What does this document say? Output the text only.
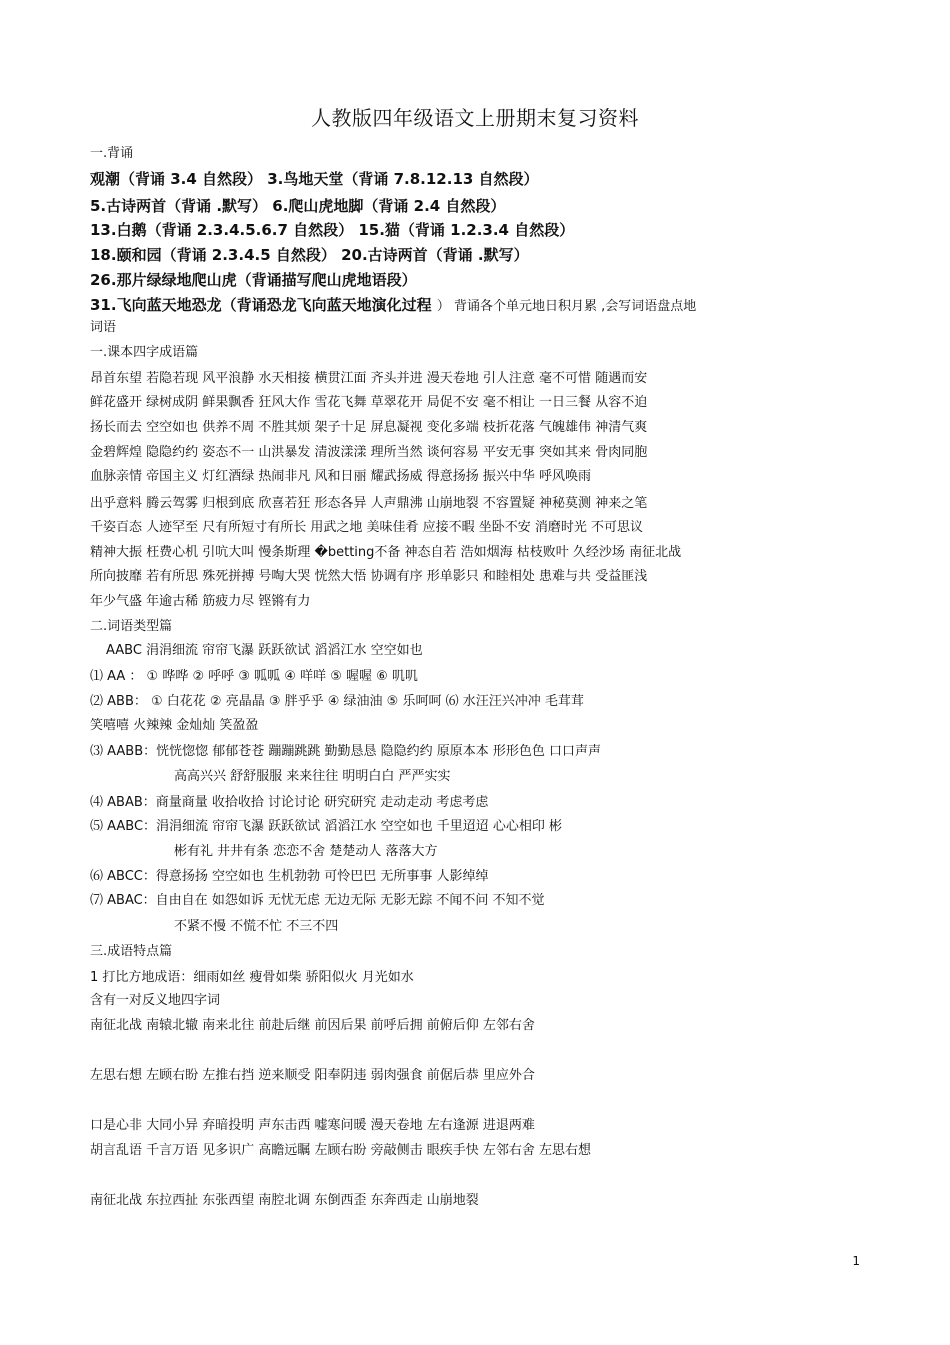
人教版四年级语文上册期末复习资料
一.背诵
观潮（背诵 3.4 自然段） 3.鸟地天堂（背诵 7.8.12.13 自然段）
5.古诗两首（背诵 .默写） 6.爬山虎地脚（背诵 2.4 自然段）
13.白鹅（背诵 2.3.4.5.6.7 自然段） 15.猫（背诵 1.2.3.4 自然段）
18.颐和园（背诵 2.3.4.5 自然段） 20.古诗两首（背诵 .默写）
26.那片绿绿地爬山虎（背诵描写爬山虎地语段）
31.飞向蓝天地恐龙（背诵恐龙飞向蓝天地演化过程 ） 背诵各个单元地日积月累 ,会写词语盘点地
词语
一.课本四字成语篇
昂首东望 若隐若现 风平浪静 水天相接 横贯江面 齐头并进 漫天卷地 引人注意 毫不可惜 随遇而安
鲜花盛开 绿树成阴 鲜果飘香 狂风大作 雪花飞舞 草翠花开 局促不安 毫不相让 一日三餐 从容不迫
扬长而去 空空如也 供养不周 不胜其烦 架子十足 屏息凝视 变化多端 枝折花落 气魄雄伟 神清气爽
金碧辉煌 隐隐约约 姿态不一 山洪暴发 清波漾漾 理所当然 谈何容易 平安无事 突如其来 骨肉同胞
血脉亲情 帝国主义 灯红酒绿 热闹非凡 风和日丽 耀武扬威 得意扬扬 振兴中华 呼风唤雨
出乎意料 腾云驾雾 归根到底 欣喜若狂 形态各异 人声鼎沸 山崩地裂 不容置疑 神秘莫测 神来之笔
千姿百态 人迹罕至 尺有所短寸有所长 用武之地 美味佳肴 应接不暇 坐卧不安 消磨时光 不可思议
精神大振 枉费心机 引吭大叫 慢条斯理 �betting不备 神态自若 浩如烟海 枯枝败叶 久经沙场 南征北战
所向披靡 若有所思 殊死拼搏 号啕大哭 恍然大悟 协调有序 形单影只 和睦相处 患难与共 受益匪浅
年少气盛 年逾古稀 筋疲力尽 铿锵有力
二.词语类型篇
AABC 涓涓细流 帘帘飞瀑 跃跃欲试 滔滔江水 空空如也
⑴ AA ： ① 哗哗 ② 呼呼 ③ 呱呱 ④ 咩咩 ⑤ 喔喔 ⑥ 叽叽
⑵ ABB： ① 白花花 ② 亮晶晶 ③ 胖乎乎 ④ 绿油油 ⑤ 乐呵呵 ⑹ 水汪汪兴冲冲 毛茸茸
笑嘻嘻 火辣辣 金灿灿 笑盈盈
⑶ AABB：恍恍惚惚 郁郁苍苍 蹦蹦跳跳 勤勤恳恳 隐隐约约 原原本本 形形色色 口口声声
高高兴兴 舒舒服服 来来往往 明明白白 严严实实
⑷ ABAB：商量商量 收拾收拾 讨论讨论 研究研究 走动走动 考虑考虑
⑸ AABC：涓涓细流 帘帘飞瀑 跃跃欲试 滔滔江水 空空如也 千里迢迢 心心相印 彬
彬有礼 井井有条 恋恋不舍 楚楚动人 落落大方
⑹ ABCC：得意扬扬 空空如也 生机勃勃 可怜巴巴 无所事事 人影绰绰
⑺ ABAC：自由自在 如怨如诉 无忧无虑 无边无际 无影无踪 不闻不问 不知不觉
不紧不慢 不慌不忙 不三不四
三.成语特点篇
1 打比方地成语：细雨如丝 瘦骨如柴 骄阳似火 月光如水
含有一对反义地四字词
南征北战 南辕北辙 南来北往 前赴后继 前因后果 前呼后拥 前俯后仰 左邻右舍
左思右想 左顾右盼 左推右挡 逆来顺受 阳奉阴违 弱肉强食 前倨后恭 里应外合
口是心非 大同小异 弃暗投明 声东击西 嘘寒问暖 漫天卷地 左右逢源 进退两难
胡言乱语 千言万语 见多识广 高瞻远瞩 左顾右盼 旁敲侧击 眼疾手快 左邻右舍 左思右想
南征北战 东拉西扯 东张西望 南腔北调 东倒西歪 东奔西走 山崩地裂
1
